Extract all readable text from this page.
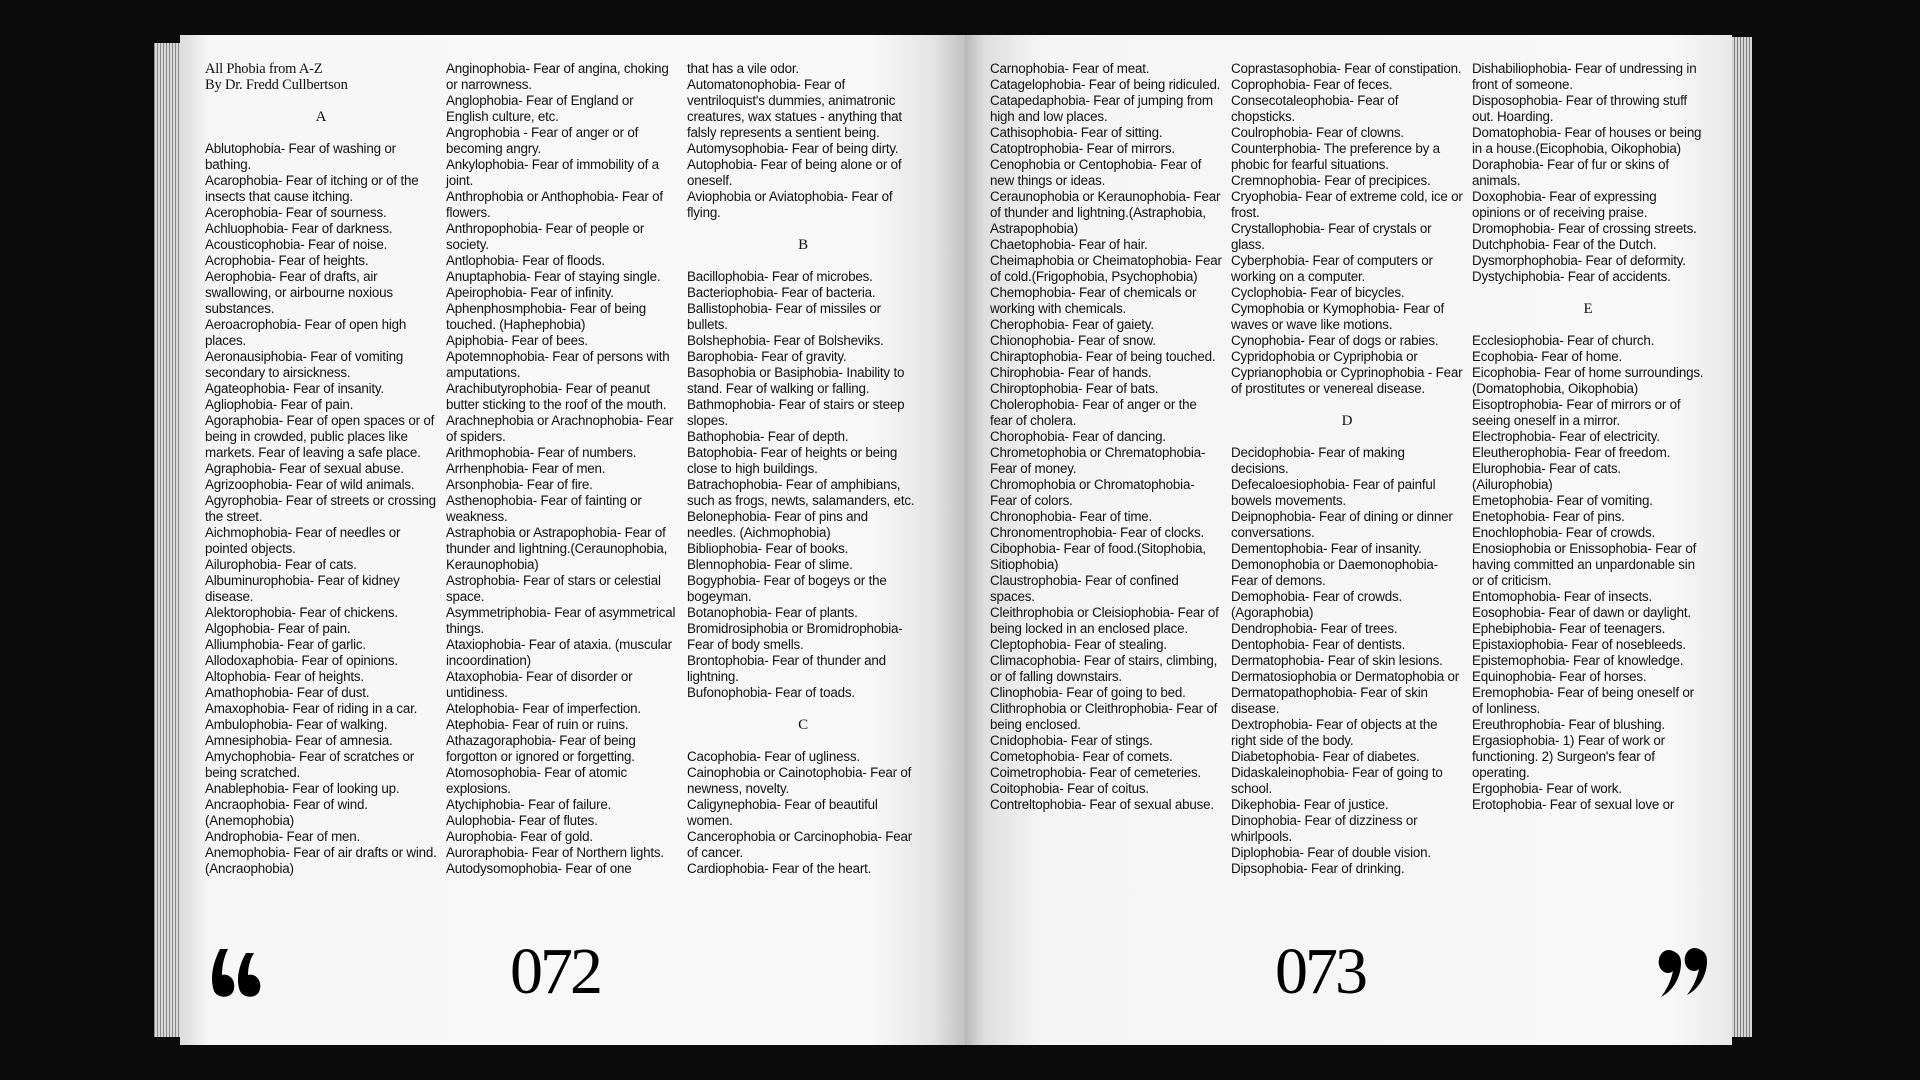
All Phobia from A-Z

By Dr. Fredd Cullbertson

A

Ablutophobia- Fear of washing or bathing.

Acarophobia- Fear of itching or of the insects that cause itching.

Acerophobia- Fear of sourness.

Achluophobia- Fear of darkness.

Acousticophobia- Fear of noise.

Acrophobia- Fear of heights.

Aerophobia- Fear of drafts, air swallowing, or airbourne noxious substances.

Aeroacrophobia- Fear of open high places.

Aeronausiphobia- Fear of vomiting secondary to airsickness.

Agateophobia- Fear of insanity.

Agliophobia- Fear of pain.

Agoraphobia- Fear of open spaces or of being in crowded, public places like markets. Fear of leaving a safe place.

Agraphobia- Fear of sexual abuse.

Agrizoophobia- Fear of wild animals.

Agyrophobia- Fear of streets or crossing the street.

Aichmophobia- Fear of needles or pointed objects.

Ailurophobia- Fear of cats.

Albuminurophobia- Fear of kidney disease.

Alektorophobia- Fear of chickens.

Algophobia- Fear of pain.

Alliumphobia- Fear of garlic.

Allodoxaphobia- Fear of opinions.

Altophobia- Fear of heights.

Amathophobia- Fear of dust.

Amaxophobia- Fear of riding in a car.

Ambulophobia- Fear of walking.

Amnesiphobia- Fear of amnesia.

Amychophobia- Fear of scratches or being scratched.

Anablephobia- Fear of looking up.

Ancraophobia- Fear of wind. (Anemophobia)

Androphobia- Fear of men.

Anemophobia- Fear of air drafts or wind.(Ancraophobia)

Anginophobia- Fear of angina, choking or narrowness.

Anglophobia- Fear of England or English culture, etc.

Angrophobia - Fear of anger or of becoming angry.

Ankylophobia- Fear of immobility of a joint.

Anthrophobia or Anthophobia- Fear of flowers.

Anthropophobia- Fear of people or society.

Antlophobia- Fear of floods.

Anuptaphobia- Fear of staying single.

Apeirophobia- Fear of infinity.

Aphenphosmphobia- Fear of being touched. (Haphephobia)

Apiphobia- Fear of bees.

Apotemnophobia- Fear of persons with amputations.

Arachibutyrophobia- Fear of peanut butter sticking to the roof of the mouth.

Arachnephobia or Arachnophobia- Fear of spiders.

Arithmophobia- Fear of numbers.

Arrhenphobia- Fear of men.

Arsonphobia- Fear of fire.

Asthenophobia- Fear of fainting or weakness.

Astraphobia or Astrapophobia- Fear of thunder and lightning.(Ceraunophobia, Keraunophobia)

Astrophobia- Fear of stars or celestial space.

Asymmetriphobia- Fear of asymmetrical things.

Ataxiophobia- Fear of ataxia. (muscular incoordination)

Ataxophobia- Fear of disorder or untidiness.

Atelophobia- Fear of imperfection.

Atephobia- Fear of ruin or ruins.

Athazagoraphobia- Fear of being forgotton or ignored or forgetting.

Atomosophobia- Fear of atomic explosions.

Atychiphobia- Fear of failure.

Aulophobia- Fear of flutes.

Aurophobia- Fear of gold.

Auroraphobia- Fear of Northern lights.

Autodysomophobia- Fear of one

that has a vile odor.

Automatonophobia- Fear of ventriloquist's dummies, animatronic creatures, wax statues - anything that falsly represents a sentient being.

Automysophobia- Fear of being dirty.

Autophobia- Fear of being alone or of oneself.

Aviophobia or Aviatophobia- Fear of flying.

B

Bacillophobia- Fear of microbes.

Bacteriophobia- Fear of bacteria.

Ballistophobia- Fear of missiles or bullets.

Bolshephobia- Fear of Bolsheviks.

Barophobia- Fear of gravity.

Basophobia or Basiphobia- Inability to stand. Fear of walking or falling.

Bathmophobia- Fear of stairs or steep slopes.

Bathophobia- Fear of depth.

Batophobia- Fear of heights or being close to high buildings.

Batrachophobia- Fear of amphibians, such as frogs, newts, salamanders, etc.

Belonephobia- Fear of pins and needles. (Aichmophobia)

Bibliophobia- Fear of books.

Blennophobia- Fear of slime.

Bogyphobia- Fear of bogeys or the bogeyman.

Botanophobia- Fear of plants.

Bromidrosiphobia or Bromidrophobia- Fear of body smells.

Brontophobia- Fear of thunder and lightning.

Bufonophobia- Fear of toads.

C

Cacophobia- Fear of ugliness.

Cainophobia or Cainotophobia- Fear of newness, novelty.

Caligynephobia- Fear of beautiful women.

Cancerophobia or Carcinophobia- Fear of cancer.

Cardiophobia- Fear of the heart.

072

Carnophobia- Fear of meat.

Catagelophobia- Fear of being ridiculed.

Catapedaphobia- Fear of jumping from high and low places.

Cathisophobia- Fear of sitting.

Catoptrophobia- Fear of mirrors.

Cenophobia or Centophobia- Fear of new things or ideas.

Ceraunophobia or Keraunophobia- Fear of thunder and lightning.(Astraphobia, Astrapophobia)

Chaetophobia- Fear of hair.

Cheimaphobia or Cheimatophobia- Fear of cold.(Frigophobia, Psychophobia)

Chemophobia- Fear of chemicals or working with chemicals.

Cherophobia- Fear of gaiety.

Chionophobia- Fear of snow.

Chiraptophobia- Fear of being touched.

Chirophobia- Fear of hands.

Chiroptophobia- Fear of bats.

Cholerophobia- Fear of anger or the fear of cholera.

Chorophobia- Fear of dancing.

Chrometophobia or Chrematophobia- Fear of money.

Chromophobia or Chromatophobia- Fear of colors.

Chronophobia- Fear of time.

Chronomentrophobia- Fear of clocks.

Cibophobia- Fear of food.(Sitophobia, Sitiophobia)

Claustrophobia- Fear of confined spaces.

Cleithrophobia or Cleisiophobia- Fear of being locked in an enclosed place.

Cleptophobia- Fear of stealing.

Climacophobia- Fear of stairs, climbing, or of falling downstairs.

Clinophobia- Fear of going to bed.

Clithrophobia or Cleithrophobia- Fear of being enclosed.

Cnidophobia- Fear of stings.

Cometophobia- Fear of comets.

Coimetrophobia- Fear of cemeteries.

Coitophobia- Fear of coitus.

Contreltophobia- Fear of sexual abuse.

Coprastasophobia- Fear of constipation.

Coprophobia- Fear of feces.

Consecotaleophobia- Fear of chopsticks.

Coulrophobia- Fear of clowns.

Counterphobia- The preference by a phobic for fearful situations.

Cremnophobia- Fear of precipices.

Cryophobia- Fear of extreme cold, ice or frost.

Crystallophobia- Fear of crystals or glass.

Cyberphobia- Fear of computers or working on a computer.

Cyclophobia- Fear of bicycles.

Cymophobia or Kymophobia- Fear of waves or wave like motions.

Cynophobia- Fear of dogs or rabies.

Cypridophobia or Cypriphobia or Cyprianophobia or Cyprinophobia - Fear of prostitutes or venereal disease.

D

Decidophobia- Fear of making decisions.

Defecaloesiophobia- Fear of painful bowels movements.

Deipnophobia- Fear of dining or dinner conversations.

Dementophobia- Fear of insanity.

Demonophobia or Daemonophobia- Fear of demons.

Demophobia- Fear of crowds. (Agoraphobia)

Dendrophobia- Fear of trees.

Dentophobia- Fear of dentists.

Dermatophobia- Fear of skin lesions.

Dermatosiophobia or Dermatophobia or Dermatopathophobia- Fear of skin disease.

Dextrophobia- Fear of objects at the right side of the body.

Diabetophobia- Fear of diabetes.

Didaskaleinophobia- Fear of going to school.

Dikephobia- Fear of justice.

Dinophobia- Fear of dizziness or whirlpools.

Diplophobia- Fear of double vision.

Dipsophobia- Fear of drinking.

Dishabiliophobia- Fear of undressing in front of someone.

Disposophobia- Fear of throwing stuff out. Hoarding.

Domatophobia- Fear of houses or being in a house.(Eicophobia, Oikophobia)

Doraphobia- Fear of fur or skins of animals.

Doxophobia- Fear of expressing opinions or of receiving praise.

Dromophobia- Fear of crossing streets.

Dutchphobia- Fear of the Dutch.

Dysmorphophobia- Fear of deformity.

Dystychiphobia- Fear of accidents.

E

Ecclesiophobia- Fear of church.

Ecophobia- Fear of home.

Eicophobia- Fear of home surroundings.(Domatophobia, Oikophobia)

Eisoptrophobia- Fear of mirrors or of seeing oneself in a mirror.

Electrophobia- Fear of electricity.

Eleutherophobia- Fear of freedom.

Elurophobia- Fear of cats. (Ailurophobia)

Emetophobia- Fear of vomiting.

Enetophobia- Fear of pins.

Enochlophobia- Fear of crowds.

Enosiophobia or Enissophobia- Fear of having committed an unpardonable sin or of criticism.

Entomophobia- Fear of insects.

Eosophobia- Fear of dawn or daylight.

Ephebiphobia- Fear of teenagers.

Epistaxiophobia- Fear of nosebleeds.

Epistemophobia- Fear of knowledge.

Equinophobia- Fear of horses.

Eremophobia- Fear of being oneself or of lonliness.

Ereuthrophobia- Fear of blushing.

Ergasiophobia- 1) Fear of work or functioning. 2) Surgeon's fear of operating.

Ergophobia- Fear of work.

Erotophobia- Fear of sexual love or

073
